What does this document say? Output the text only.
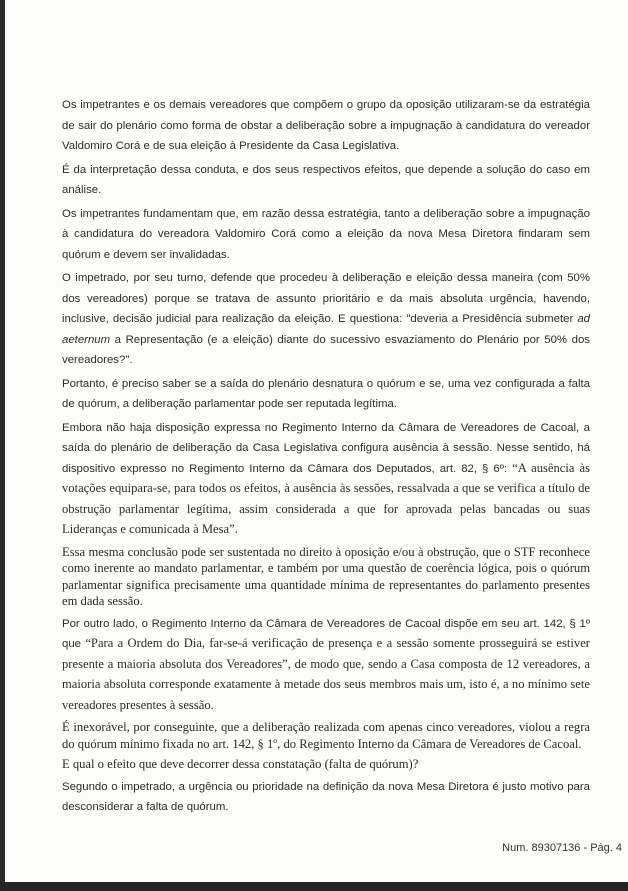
Os impetrantes e os demais vereadores que compõem o grupo da oposição utilizaram-se da estratégia de sair do plenário como forma de obstar a deliberação sobre a impugnação à candidatura do vereador Valdomiro Corá e de sua eleição à Presidente da Casa Legislativa.

É da interpretação dessa conduta, e dos seus respectivos efeitos, que depende a solução do caso em análise.

Os impetrantes fundamentam que, em razão dessa estratégia, tanto a deliberação sobre a impugnação à candidatura do vereadora Valdomiro Corá como a eleição da nova Mesa Diretora findaram sem quórum e devem ser invalidadas.

O impetrado, por seu turno, defende que procedeu à deliberação e eleição dessa maneira (com 50% dos vereadores) porque se tratava de assunto prioritário e da mais absoluta urgência, havendo, inclusive, decisão judicial para realização da eleição. E questiona: "deveria a Presidência submeter ad aeternum a Representação (e a eleição) diante do sucessivo esvaziamento do Plenário por 50% dos vereadores?".

Portanto, é preciso saber se a saída do plenário desnatura o quórum e se, uma vez configurada a falta de quórum, a deliberação parlamentar pode ser reputada legítima.

Embora não haja disposição expressa no Regimento Interno da Câmara de Vereadores de Cacoal, a saída do plenário de deliberação da Casa Legislativa configura ausência à sessão. Nesse sentido, há dispositivo expresso no Regimento Interno da Câmara dos Deputados, art. 82, § 6º: “A ausência às votações equipara-se, para todos os efeitos, à ausência às sessões, ressalvada a que se verifica a título de obstrução parlamentar legítima, assim considerada a que for aprovada pelas bancadas ou suas Lideranças e comunicada à Mesa”.

Essa mesma conclusão pode ser sustentada no direito à oposição e/ou à obstrução, que o STF reconhece como inerente ao mandato parlamentar, e também por uma questão de coerência lógica, pois o quórum parlamentar significa precisamente uma quantidade mínima de representantes do parlamento presentes em dada sessão.

Por outro lado, o Regimento Interno da Câmara de Vereadores de Cacoal dispõe em seu art. 142, § 1º que “Para a Ordem do Dia, far-se-á verificação de presença e a sessão somente prosseguirá se estiver presente a maioria absoluta dos Vereadores”, de modo que, sendo a Casa composta de 12 vereadores, a maioria absoluta corresponde exatamente à metade dos seus membros mais um, isto é, a no mínimo sete vereadores presentes à sessão.

É inexorável, por conseguinte, que a deliberação realizada com apenas cinco vereadores, violou a regra do quórum mínimo fixada no art. 142, § 1º, do Regimento Interno da Câmara de Vereadores de Cacoal.

E qual o efeito que deve decorrer dessa constatação (falta de quórum)?

Segundo o impetrado, a urgência ou prioridade na definição da nova Mesa Diretora é justo motivo para desconsiderar a falta de quórum.

Num. 89307136 - Pág. 4
